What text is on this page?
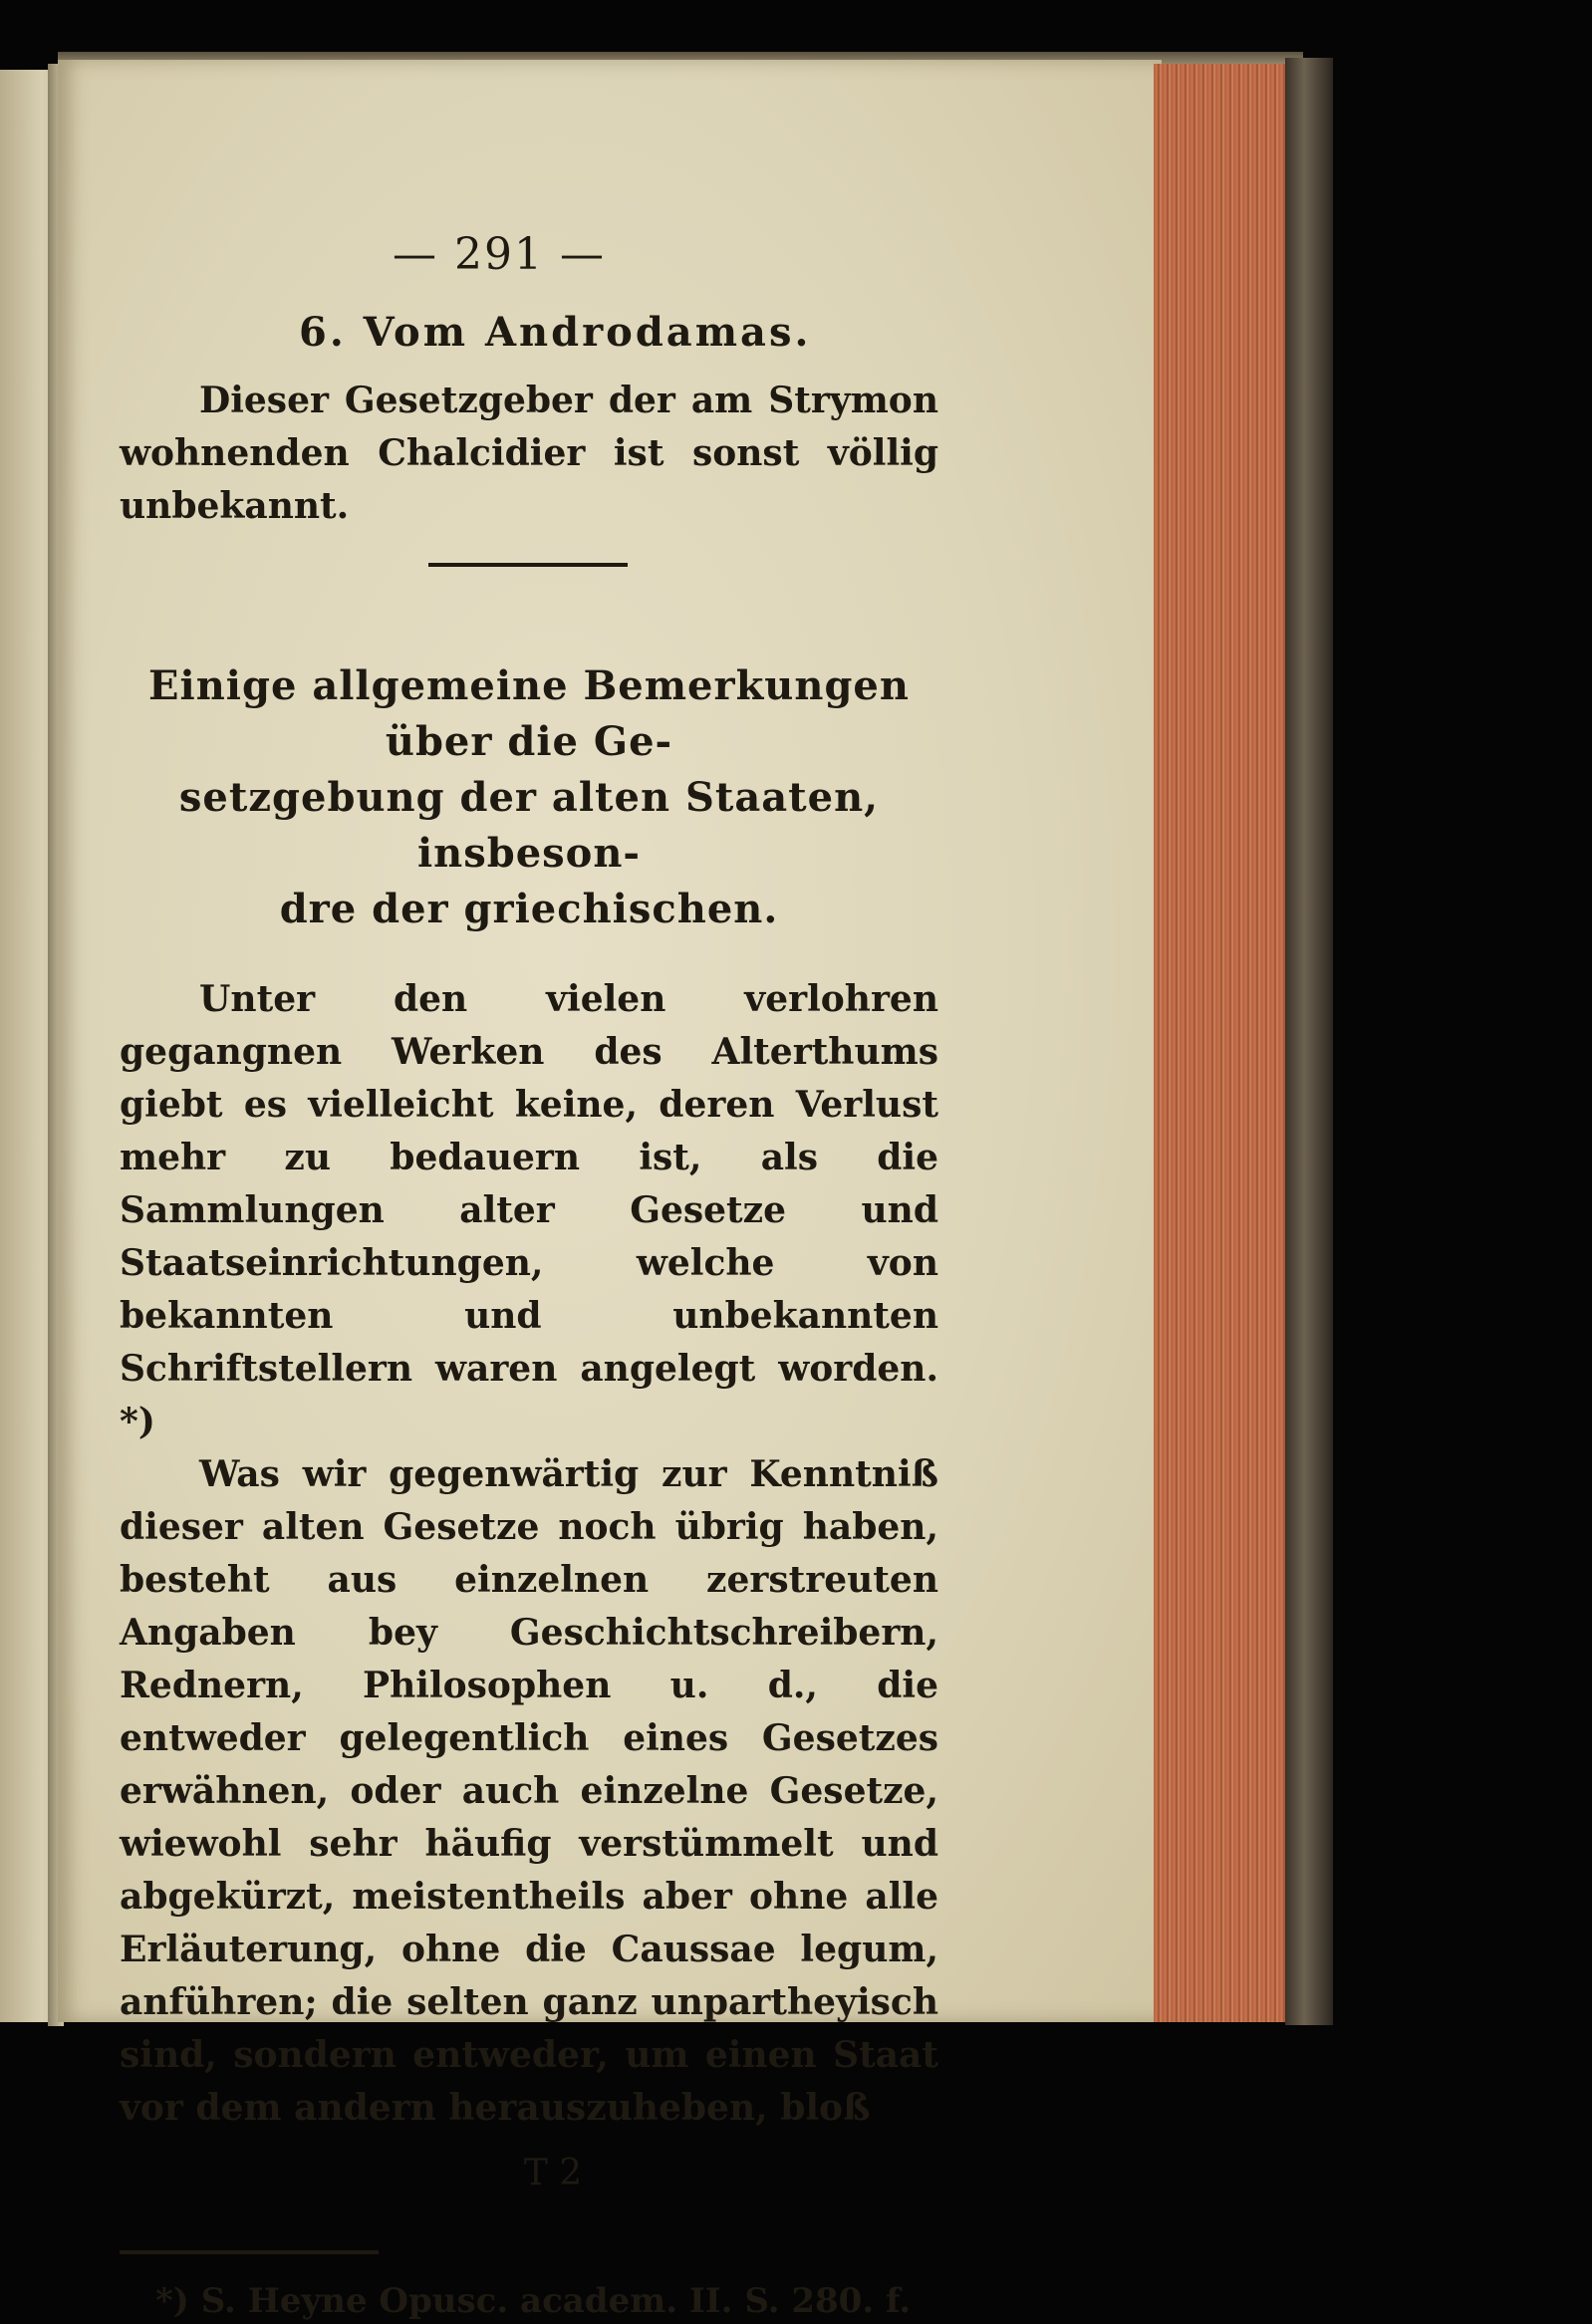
— 291 —
6. Vom Androdamas.

Dieser Gesetzgeber der am Strymon wohnenden Chalcidier ist sonst völlig unbekannt.

Einige allgemeine Bemerkungen über die Ge-
setzgebung der alten Staaten, insbeson-
dre der griechischen.

Unter den vielen verlohren gegangnen Werken des Alterthums giebt es vielleicht keine, deren Verlust mehr zu bedauern ist, als die Sammlungen alter Gesetze und Staatseinrichtungen, welche von bekannten und unbekannten Schriftstellern waren angelegt worden. *)

Was wir gegenwärtig zur Kenntniß dieser alten Gesetze noch übrig haben, besteht aus einzelnen zerstreuten Angaben bey Geschichtschreibern, Rednern, Philosophen u. d., die entweder gelegentlich eines Gesetzes erwähnen, oder auch einzelne Gesetze, wiewohl sehr häufig verstümmelt und abgekürzt, meistentheils aber ohne alle Erläuterung, ohne die Caussae legum, anführen; die selten ganz unpartheyisch sind, sondern entweder, um einen Staat vor dem andern herauszuheben, bloß

T 2
*) S. Heyne Opusc. academ. II. S. 280. f.
